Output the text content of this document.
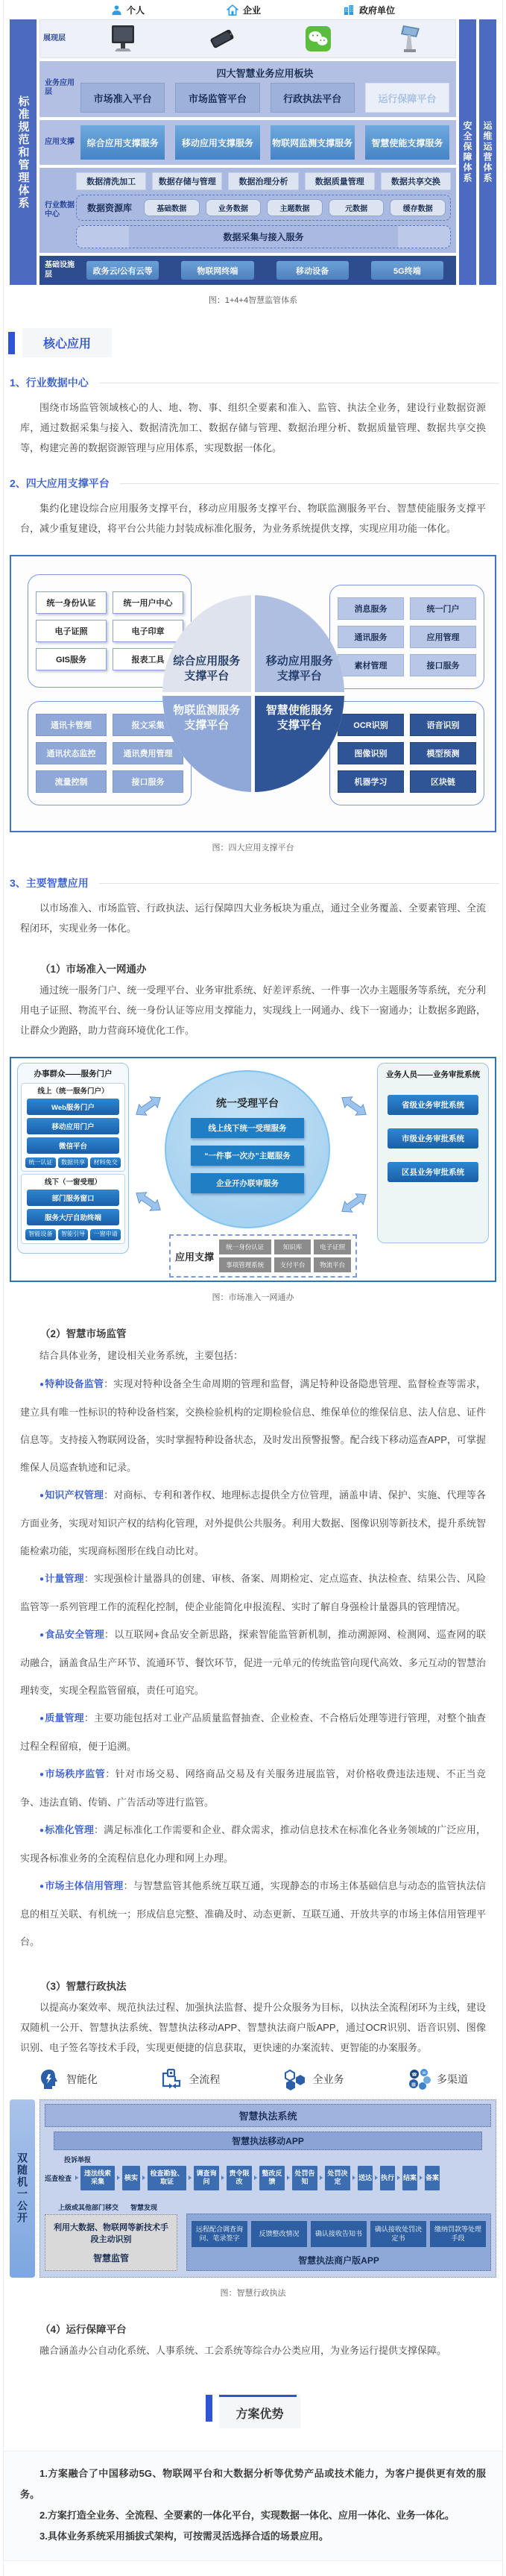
个人	企业	政府单位
标准规范和管理体系
展现层
业务应用层
四大智慧业务应用板块
市场准入平台	市场监管平台	行政执法平台	运行保障平台
应用支撑	综合应用支撑服务	移动应用支撑服务	物联网监测支撑服务	智慧使能支撑服务
行业数据中心
数据清洗加工	数据存储与管理	数据治理分析	数据质量管理	数据共享交换
数据资源库	基础数据	业务数据	主题数据	元数据	缓存数据
数据采集与接入服务
基础设施层	政务云/公有云等	物联网终端	移动设备	5G终端
安全保障体系	运维运营体系
图：1+4+4智慧监管体系
核心应用
1、行业数据中心

围绕市场监管领域核心的人、地、物、事、组织全要素和准入、监管、执法全业务，建设行业数据资源库，通过数据采集与接入、数据清洗加工、数据存储与管理、数据治理分析、数据质量管理、数据共享交换等，构建完善的数据资源管理与应用体系，实现数据一体化。

2、四大应用支撑平台

集约化建设综合应用服务支撑平台，移动应用服务支撑平台、物联监测服务平台、智慧使能服务支撑平台，减少重复建设，将平台公共能力封装成标准化服务，为业务系统提供支撑，实现应用功能一体化。

统一身份认证	统一用户中心
电子证照	电子印章
GIS服务	报表工具
消息服务	统一门户
通讯服务	应用管理
素材管理	接口服务
通讯卡管理	报文采集
通讯状态监控	通讯费用管理
流量控制	接口服务
OCR识别	语音识别
图像识别	模型预测
机器学习	区块链
综合应用服务支撑平台
移动应用服务支撑平台
物联监测服务支撑平台
智慧使能服务支撑平台
图：四大应用支撑平台
3、主要智慧应用

以市场准入、市场监管、行政执法、运行保障四大业务板块为重点，通过全业务覆盖、全要素管理、全流程闭环，实现业务一体化。

（1）市场准入一网通办

通过统一服务门户、统一受理平台、业务审批系统、好差评系统、一件事一次办主题服务等系统，充分利用电子证照、物流平台、统一身份认证等应用支撑能力，实现线上一网通办、线下一窗通办；让数据多跑路，让群众少跑路，助力营商环境优化工作。

办事群众——服务门户
线上（统一服务门户）
Web服务门户
移动应用门户
微信平台
统一认证	数据共享	材料免交
线下（一窗受理）
部门服务窗口
服务大厅自助终端
智能设备	智能引导	一窗申请
统一受理平台
线上线下统一受理服务
“一件事一次办”主题服务
企业开办联审服务
业务人员——业务审批系统
省级业务审批系统
市级业务审批系统
区县业务审批系统
应用支撑
统一身份认证	知识库	电子证照
事项管理系统	支付平台	物流平台
图：市场准入一网通办
（2）智慧市场监管

结合具体业务，建设相关业务系统，主要包括：

●特种设备监管：实现对特种设备全生命周期的管理和监督，满足特种设备隐患管理、监督检查等需求，建立具有唯一性标识的特种设备档案，交换检验机构的定期检验信息、维保单位的维保信息、法人信息、证件信息等。支持接入物联网设备，实时掌握特种设备状态，及时发出预警报警。配合线下移动巡查APP，可掌握维保人员巡查轨迹和记录。

●知识产权管理：对商标、专利和著作权、地理标志提供全方位管理，涵盖申请、保护、实施、代理等各方面业务，实现对知识产权的结构化管理，对外提供公共服务。利用大数据、图像识别等新技术，提升系统智能检索功能，实现商标图形在线自动比对。

●计量管理：实现强检计量器具的创建、审核、备案、周期检定、定点巡查、执法检查、结果公告、风险监管等一系列管理工作的流程化控制，使企业能简化申报流程、实时了解自身强检计量器具的管理情况。

●食品安全管理：以互联网+食品安全新思路，探索智能监管新机制，推动溯源网、检测网、巡查网的联动融合，涵盖食品生产环节、流通环节、餐饮环节，促进一元单元的传统监管向现代高效、多元互动的智慧治理转变，实现全程监管留痕，责任可追究。

●质量管理：主要功能包括对工业产品质量监督抽查、企业检查、不合格后处理等进行管理，对整个抽查过程全程留痕，便于追溯。

●市场秩序监管：针对市场交易、网络商品交易及有关服务进展监管，对价格收费违法违规、不正当竞争、违法直销、传销、广告活动等进行监管。

●标准化管理：满足标准化工作需要和企业、群众需求，推动信息技术在标准化各业务领域的广泛应用，实现各标准业务的全流程信息化办理和网上办理。

●市场主体信用管理：与智慧监管其他系统互联互通，实现静态的市场主体基础信息与动态的监管执法信息的相互关联、有机统一；形成信息完整、准确及时、动态更新、互联互通、开放共享的市场主体信用管理平台。

（3）智慧行政执法

以提高办案效率、规范执法过程、加强执法监督、提升公众服务为目标，以执法全流程闭环为主线，建设双随机一公开、智慧执法系统、智慧执法移动APP、智慧执法商户版APP，通过OCR识别、语音识别、图像识别、电子签名等技术手段，实现更便捷的信息获取，更快速的办案流转、更智能的办案服务。

智能化	全流程	全业务	☎ ✉
▦ 多渠道
双随机一公开
智慧执法系统
智慧执法移动APP
投诉举报
巡查检查
违法线索采集
核实
检查勘验、取证
调查询问
责令限改
整改反馈
处罚告知
处罚决定
送达 执行 结案 备案
上级或其他部门移交 智慧发现
利用大数据、物联网等新技术手段主动识别
智慧监管
远程配合调查询问、笔录签字
反馈整改情况	确认接收告知书
确认接收处罚决定书
缴纳罚款等处理手段
智慧执法商户版APP
图：智慧行政执法
（4）运行保障平台

融合涵盖办公自动化系统、人事系统、工会系统等综合办公类应用，为业务运行提供支撑保障。

方案优势

1.方案融合了中国移动5G、物联网平台和大数据分析等优势产品或技术能力，为客户提供更有效的服务。

2.方案打造全业务、全流程、全要素的一体化平台，实现数据一体化、应用一体化、业务一体化。

3.具体业务系统采用插拔式架构，可按需灵活选择合适的场景应用。
